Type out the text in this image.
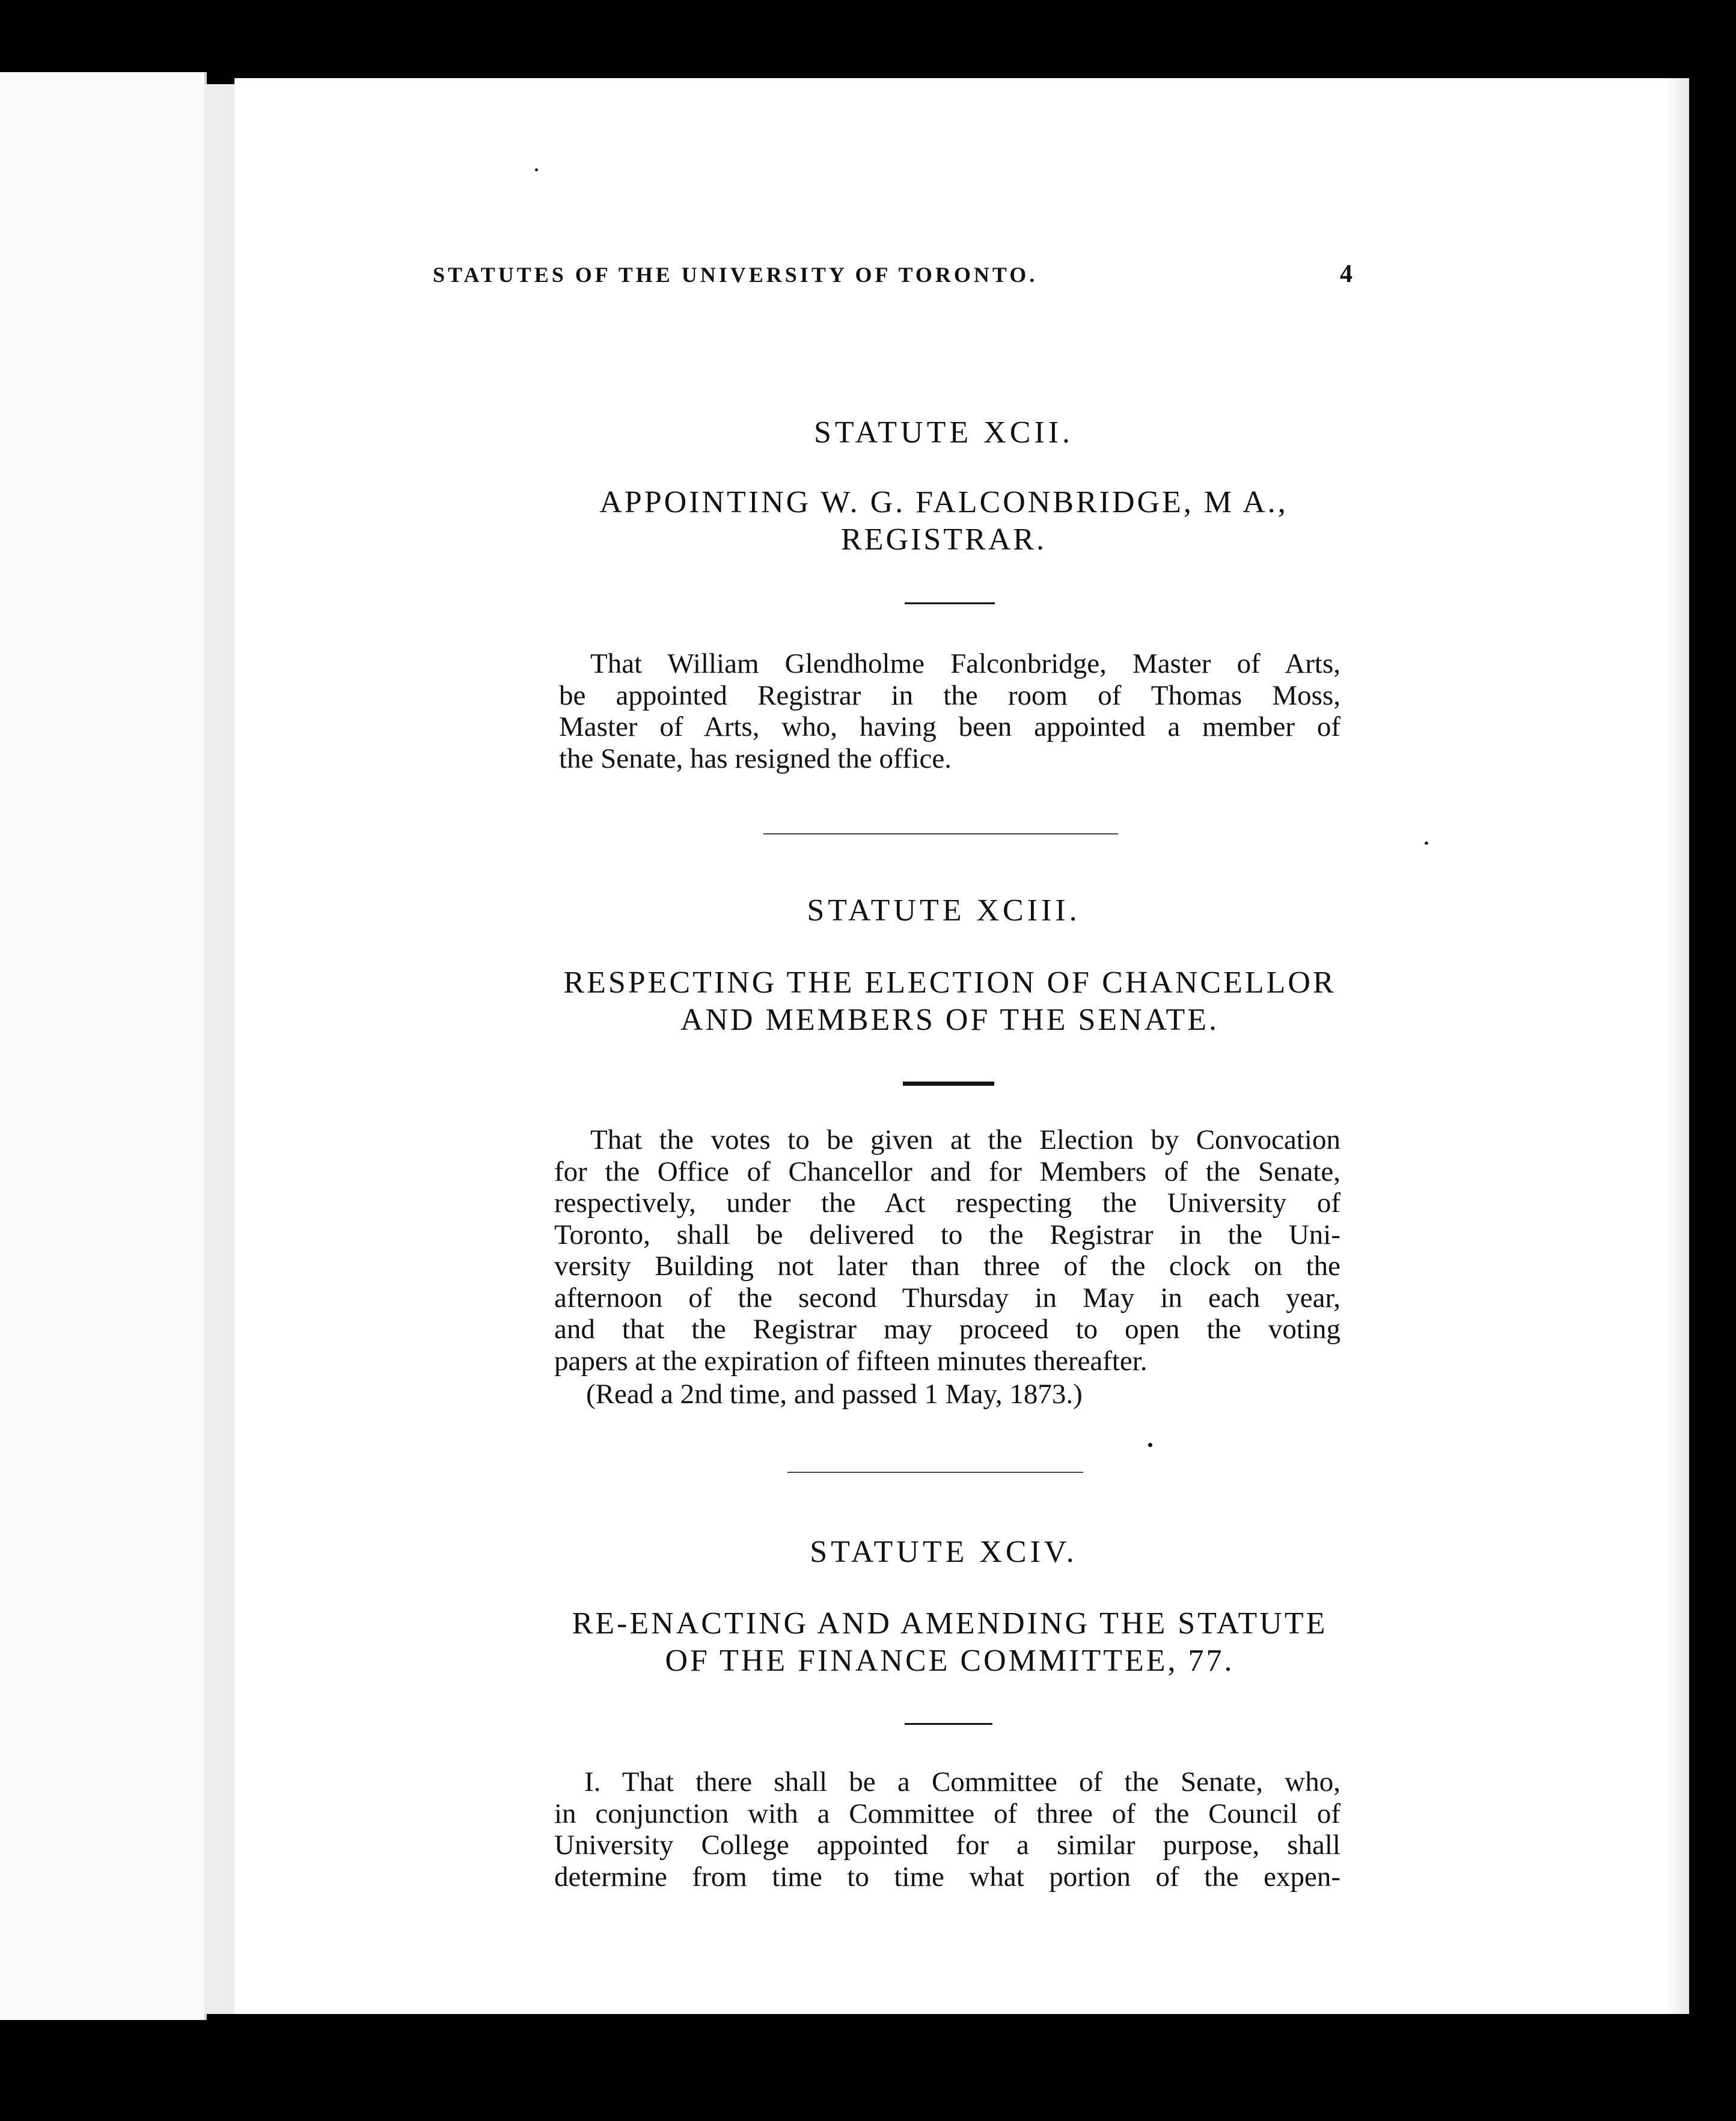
STATUTES OF THE UNIVERSITY OF TORONTO.	4
STATUTE XCII.
APPOINTING W. G. FALCONBRIDGE, M A.,
REGISTRAR.
That William Glendholme Falconbridge, Master of Arts,
be appointed Registrar in the room of Thomas Moss,
Master of Arts, who, having been appointed a member of
the Senate, has resigned the office.
STATUTE XCIII.
RESPECTING THE ELECTION OF CHANCELLOR
AND MEMBERS OF THE SENATE.
That the votes to be given at the Election by Convocation
for the Office of Chancellor and for Members of the Senate,
respectively, under the Act respecting the University of
Toronto, shall be delivered to the Registrar in the Uni-
versity Building not later than three of the clock on the
afternoon of the second Thursday in May in each year,
and that the Registrar may proceed to open the voting
papers at the expiration of fifteen minutes thereafter.
(Read a 2nd time, and passed 1 May, 1873.)
STATUTE XCIV.
RE-ENACTING AND AMENDING THE STATUTE
OF THE FINANCE COMMITTEE, 77.
I. That there shall be a Committee of the Senate, who,
in conjunction with a Committee of three of the Council of
University College appointed for a similar purpose, shall
determine from time to time what portion of the expen-
